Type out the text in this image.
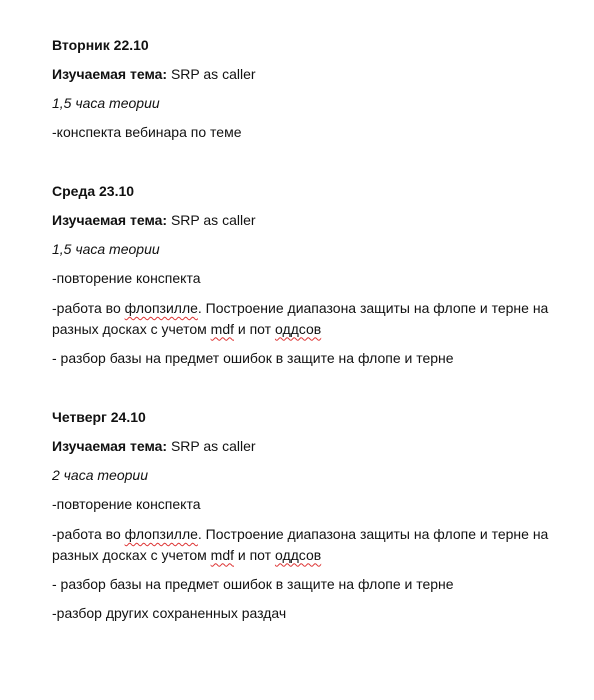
Вторник 22.10

Изучаемая тема: SRP as caller

1,5 часа теории

-конспекта вебинара по теме

Среда 23.10

Изучаемая тема: SRP as caller

1,5 часа теории

-повторение конспекта

-работа во флопзилле. Построение диапазона защиты на флопе и терне на разных досках с учетом mdf и пот оддсов

- разбор базы на предмет ошибок в защите на флопе и терне

Четверг 24.10

Изучаемая тема: SRP as caller

2 часа теории

-повторение конспекта

-работа во флопзилле. Построение диапазона защиты на флопе и терне на разных досках с учетом mdf и пот оддсов

- разбор базы на предмет ошибок в защите на флопе и терне

-разбор других сохраненных раздач
